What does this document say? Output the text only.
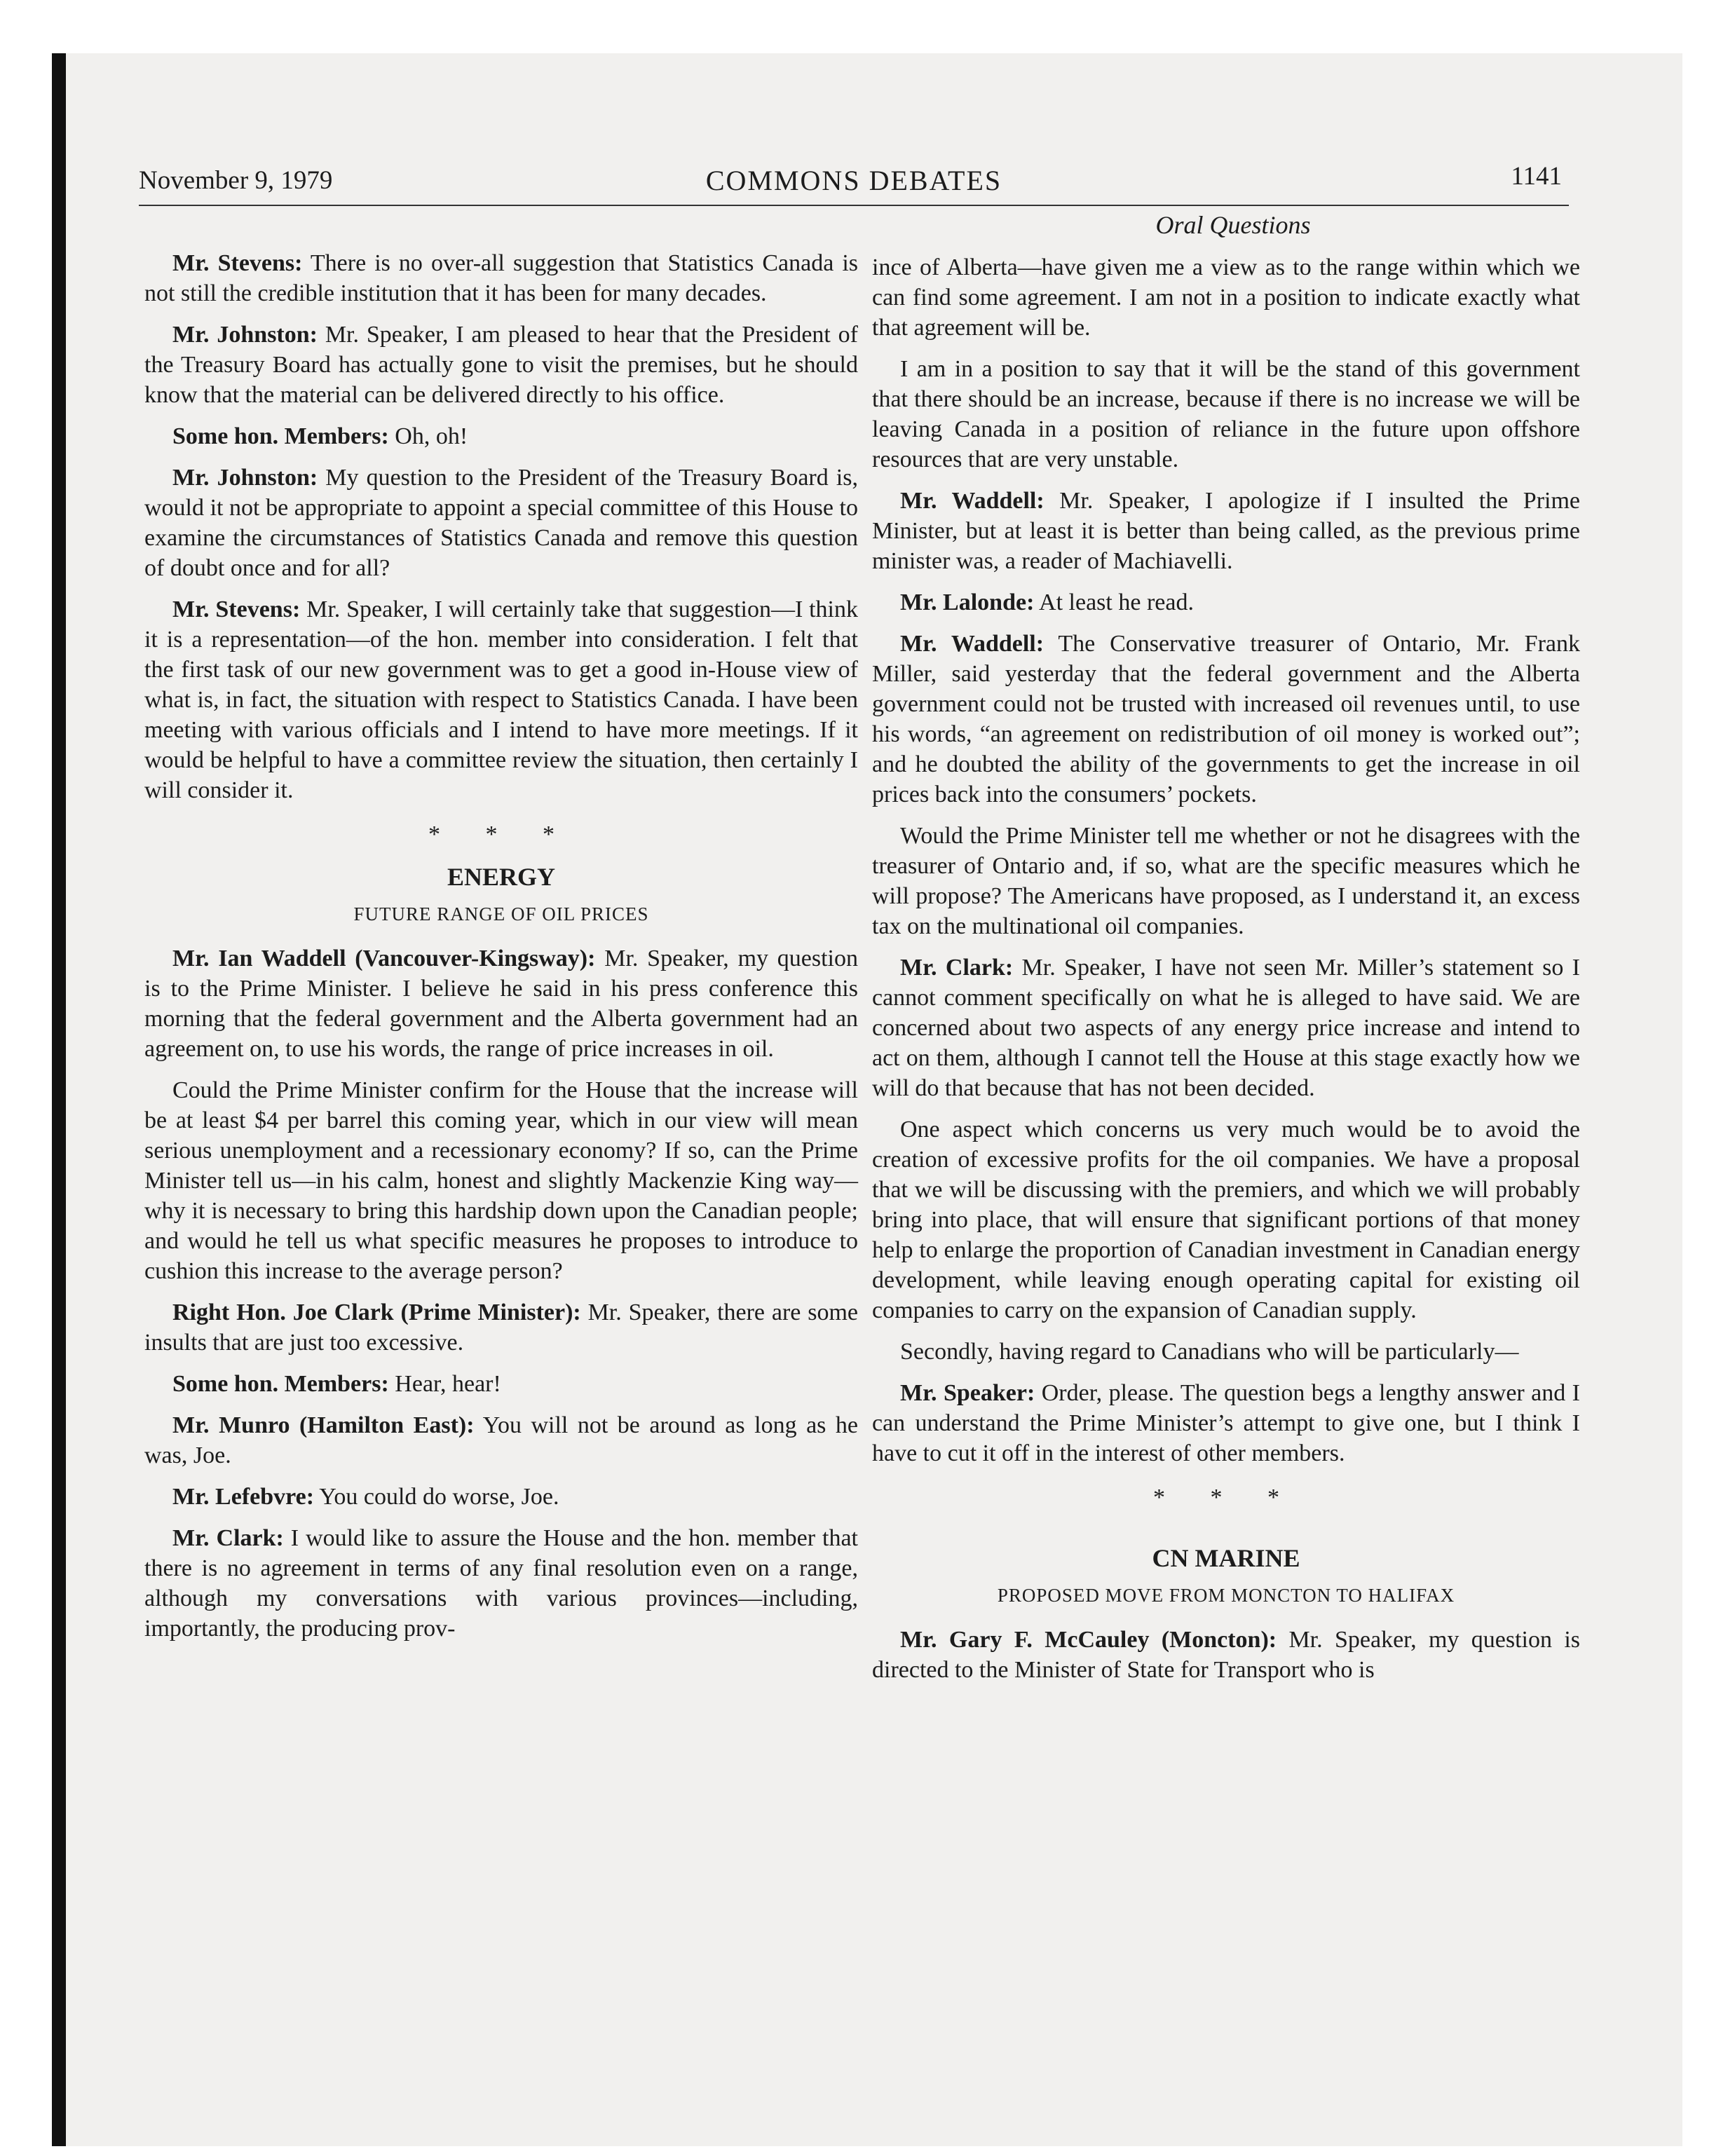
November 9, 1979	COMMONS DEBATES	1141
Oral Questions

Mr. Stevens: There is no over-all suggestion that Statistics Canada is not still the credible institution that it has been for many decades.

Mr. Johnston: Mr. Speaker, I am pleased to hear that the President of the Treasury Board has actually gone to visit the premises, but he should know that the material can be delivered directly to his office.

Some hon. Members: Oh, oh!

Mr. Johnston: My question to the President of the Treasury Board is, would it not be appropriate to appoint a special committee of this House to examine the circumstances of Statistics Canada and remove this question of doubt once and for all?

Mr. Stevens: Mr. Speaker, I will certainly take that suggestion—I think it is a representation—of the hon. member into consideration. I felt that the first task of our new government was to get a good in-House view of what is, in fact, the situation with respect to Statistics Canada. I have been meeting with various officials and I intend to have more meetings. If it would be helpful to have a committee review the situation, then certainly I will consider it.

* * *
ENERGY
FUTURE RANGE OF OIL PRICES

Mr. Ian Waddell (Vancouver-Kingsway): Mr. Speaker, my question is to the Prime Minister. I believe he said in his press conference this morning that the federal government and the Alberta government had an agreement on, to use his words, the range of price increases in oil.

Could the Prime Minister confirm for the House that the increase will be at least $4 per barrel this coming year, which in our view will mean serious unemployment and a recessionary economy? If so, can the Prime Minister tell us—in his calm, honest and slightly Mackenzie King way—why it is necessary to bring this hardship down upon the Canadian people; and would he tell us what specific measures he proposes to introduce to cushion this increase to the average person?

Right Hon. Joe Clark (Prime Minister): Mr. Speaker, there are some insults that are just too excessive.

Some hon. Members: Hear, hear!

Mr. Munro (Hamilton East): You will not be around as long as he was, Joe.

Mr. Lefebvre: You could do worse, Joe.

Mr. Clark: I would like to assure the House and the hon. member that there is no agreement in terms of any final resolution even on a range, although my conversations with various provinces—including, importantly, the producing prov-

ince of Alberta—have given me a view as to the range within which we can find some agreement. I am not in a position to indicate exactly what that agreement will be.

I am in a position to say that it will be the stand of this government that there should be an increase, because if there is no increase we will be leaving Canada in a position of reliance in the future upon offshore resources that are very unstable.

Mr. Waddell: Mr. Speaker, I apologize if I insulted the Prime Minister, but at least it is better than being called, as the previous prime minister was, a reader of Machiavelli.

Mr. Lalonde: At least he read.

Mr. Waddell: The Conservative treasurer of Ontario, Mr. Frank Miller, said yesterday that the federal government and the Alberta government could not be trusted with increased oil revenues until, to use his words, “an agreement on redistribution of oil money is worked out”; and he doubted the ability of the governments to get the increase in oil prices back into the consumers’ pockets.

Would the Prime Minister tell me whether or not he disagrees with the treasurer of Ontario and, if so, what are the specific measures which he will propose? The Americans have proposed, as I understand it, an excess tax on the multinational oil companies.

Mr. Clark: Mr. Speaker, I have not seen Mr. Miller’s statement so I cannot comment specifically on what he is alleged to have said. We are concerned about two aspects of any energy price increase and intend to act on them, although I cannot tell the House at this stage exactly how we will do that because that has not been decided.

One aspect which concerns us very much would be to avoid the creation of excessive profits for the oil companies. We have a proposal that we will be discussing with the premiers, and which we will probably bring into place, that will ensure that significant portions of that money help to enlarge the proportion of Canadian investment in Canadian energy development, while leaving enough operating capital for existing oil companies to carry on the expansion of Canadian supply.

Secondly, having regard to Canadians who will be particularly—

Mr. Speaker: Order, please. The question begs a lengthy answer and I can understand the Prime Minister’s attempt to give one, but I think I have to cut it off in the interest of other members.

* * *
CN MARINE
PROPOSED MOVE FROM MONCTON TO HALIFAX

Mr. Gary F. McCauley (Moncton): Mr. Speaker, my question is directed to the Minister of State for Transport who is
